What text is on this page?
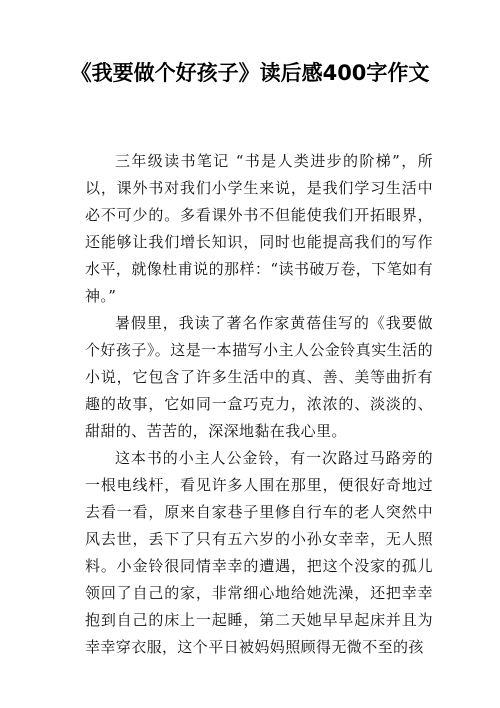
《我要做个好孩子》读后感400字作文

三年级读书笔记 “书是人类进步的阶梯”，所以，课外书对我们小学生来说，是我们学习生活中必不可少的。多看课外书不但能使我们开拓眼界，还能够让我们增长知识，同时也能提高我们的写作水平，就像杜甫说的那样：“读书破万卷，下笔如有神。”

暑假里，我读了著名作家黄蓓佳写的《我要做个好孩子》。这是一本描写小主人公金铃真实生活的小说，它包含了许多生活中的真、善、美等曲折有趣的故事，它如同一盒巧克力，浓浓的、淡淡的、甜甜的、苦苦的，深深地黏在我心里。

这本书的小主人公金铃，有一次路过马路旁的一根电线杆，看见许多人围在那里，便很好奇地过去看一看，原来自家巷子里修自行车的老人突然中风去世，丢下了只有五六岁的小孙女幸幸，无人照料。小金铃很同情幸幸的遭遇，把这个没家的孤儿领回了自己的家，非常细心地给她洗澡，还把幸幸抱到自己的床上一起睡，第二天她早早起床并且为幸幸穿衣服，这个平日被妈妈照顾得无微不至的孩
